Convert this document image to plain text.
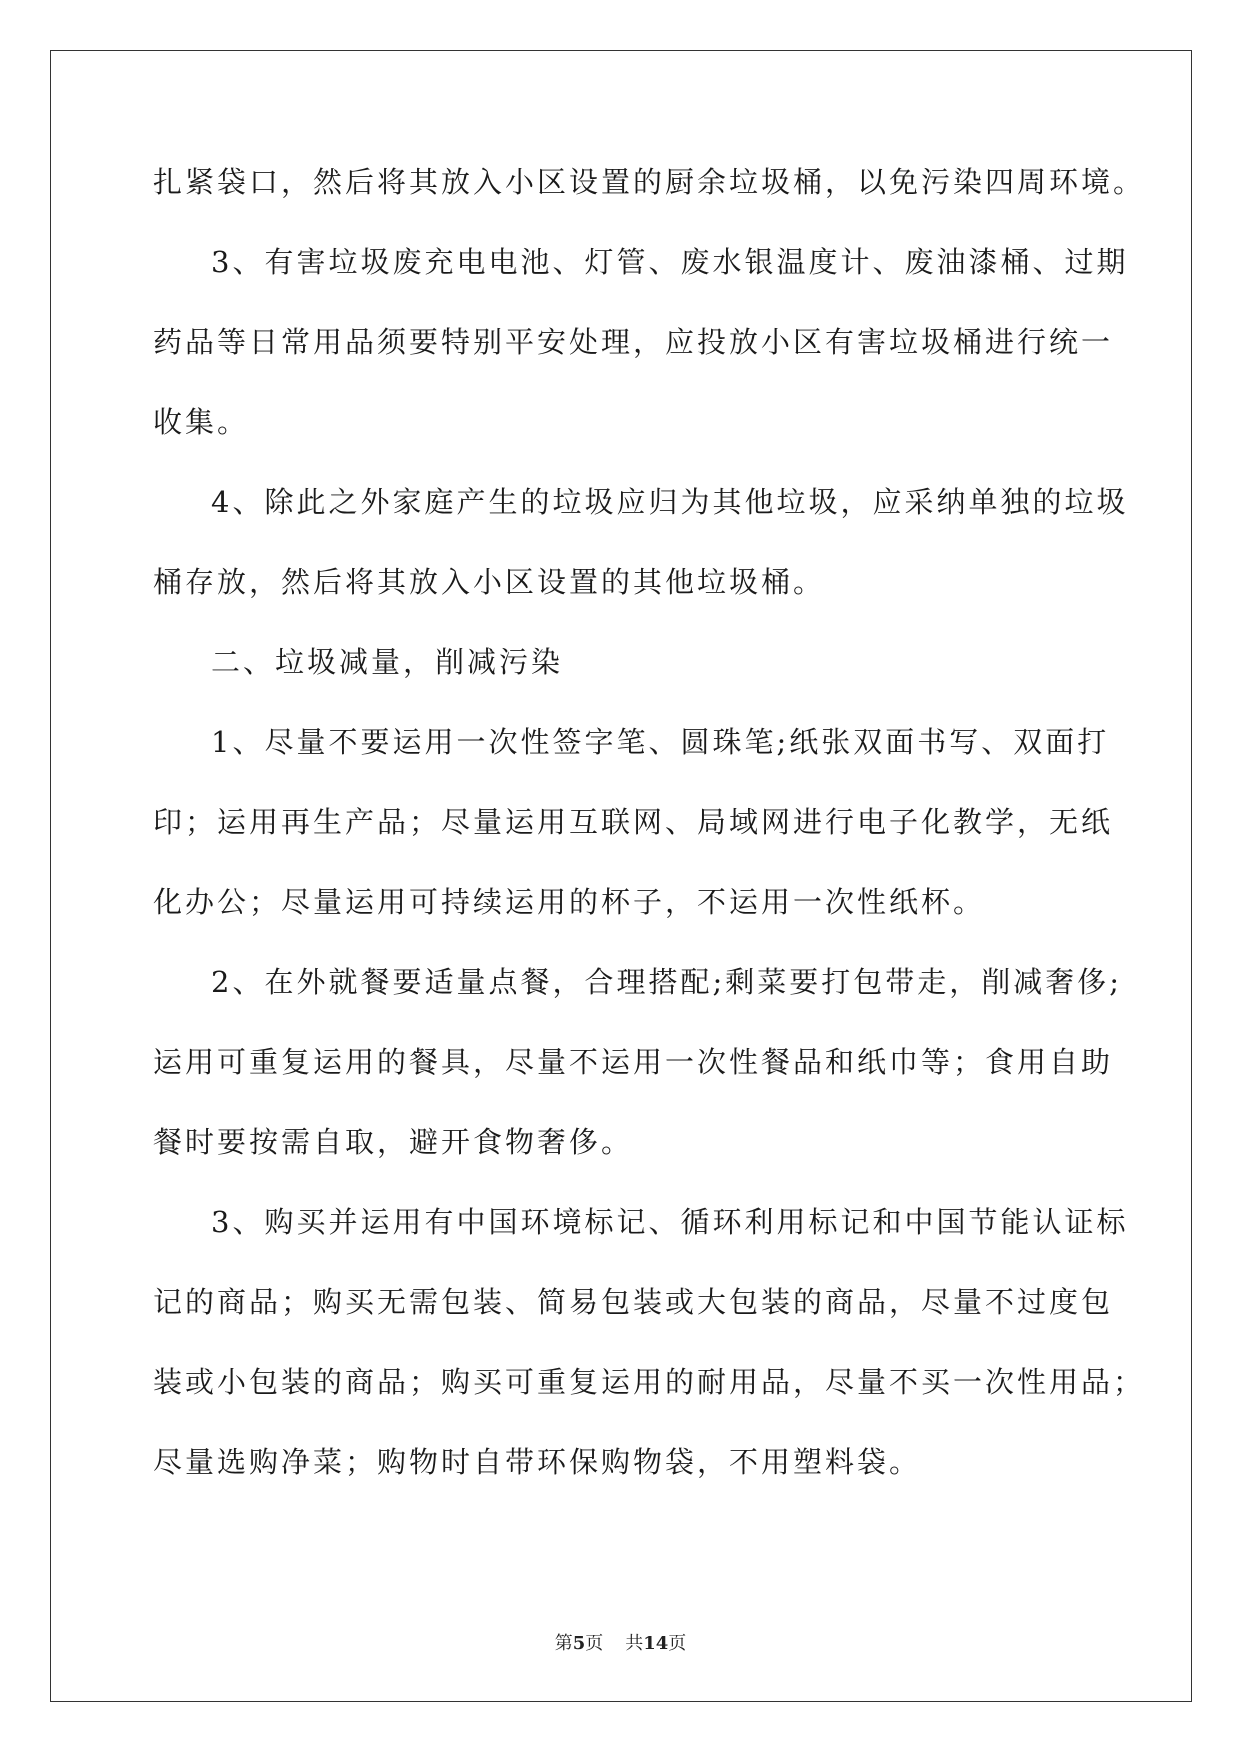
扎紧袋口，然后将其放入小区设置的厨余垃圾桶，以免污染四周环境。

3、有害垃圾废充电电池、灯管、废水银温度计、废油漆桶、过期

药品等日常用品须要特别平安处理，应投放小区有害垃圾桶进行统一

收集。

4、除此之外家庭产生的垃圾应归为其他垃圾，应采纳单独的垃圾

桶存放，然后将其放入小区设置的其他垃圾桶。

二、垃圾减量，削减污染

1、尽量不要运用一次性签字笔、圆珠笔;纸张双面书写、双面打

印；运用再生产品；尽量运用互联网、局域网进行电子化教学，无纸

化办公；尽量运用可持续运用的杯子，不运用一次性纸杯。

2、在外就餐要适量点餐，合理搭配;剩菜要打包带走，削减奢侈;

运用可重复运用的餐具，尽量不运用一次性餐品和纸巾等；食用自助

餐时要按需自取，避开食物奢侈。

3、购买并运用有中国环境标记、循环利用标记和中国节能认证标

记的商品；购买无需包装、简易包装或大包装的商品，尽量不过度包

装或小包装的商品；购买可重复运用的耐用品，尽量不买一次性用品；

尽量选购净菜；购物时自带环保购物袋，不用塑料袋。

第5页 共14页
